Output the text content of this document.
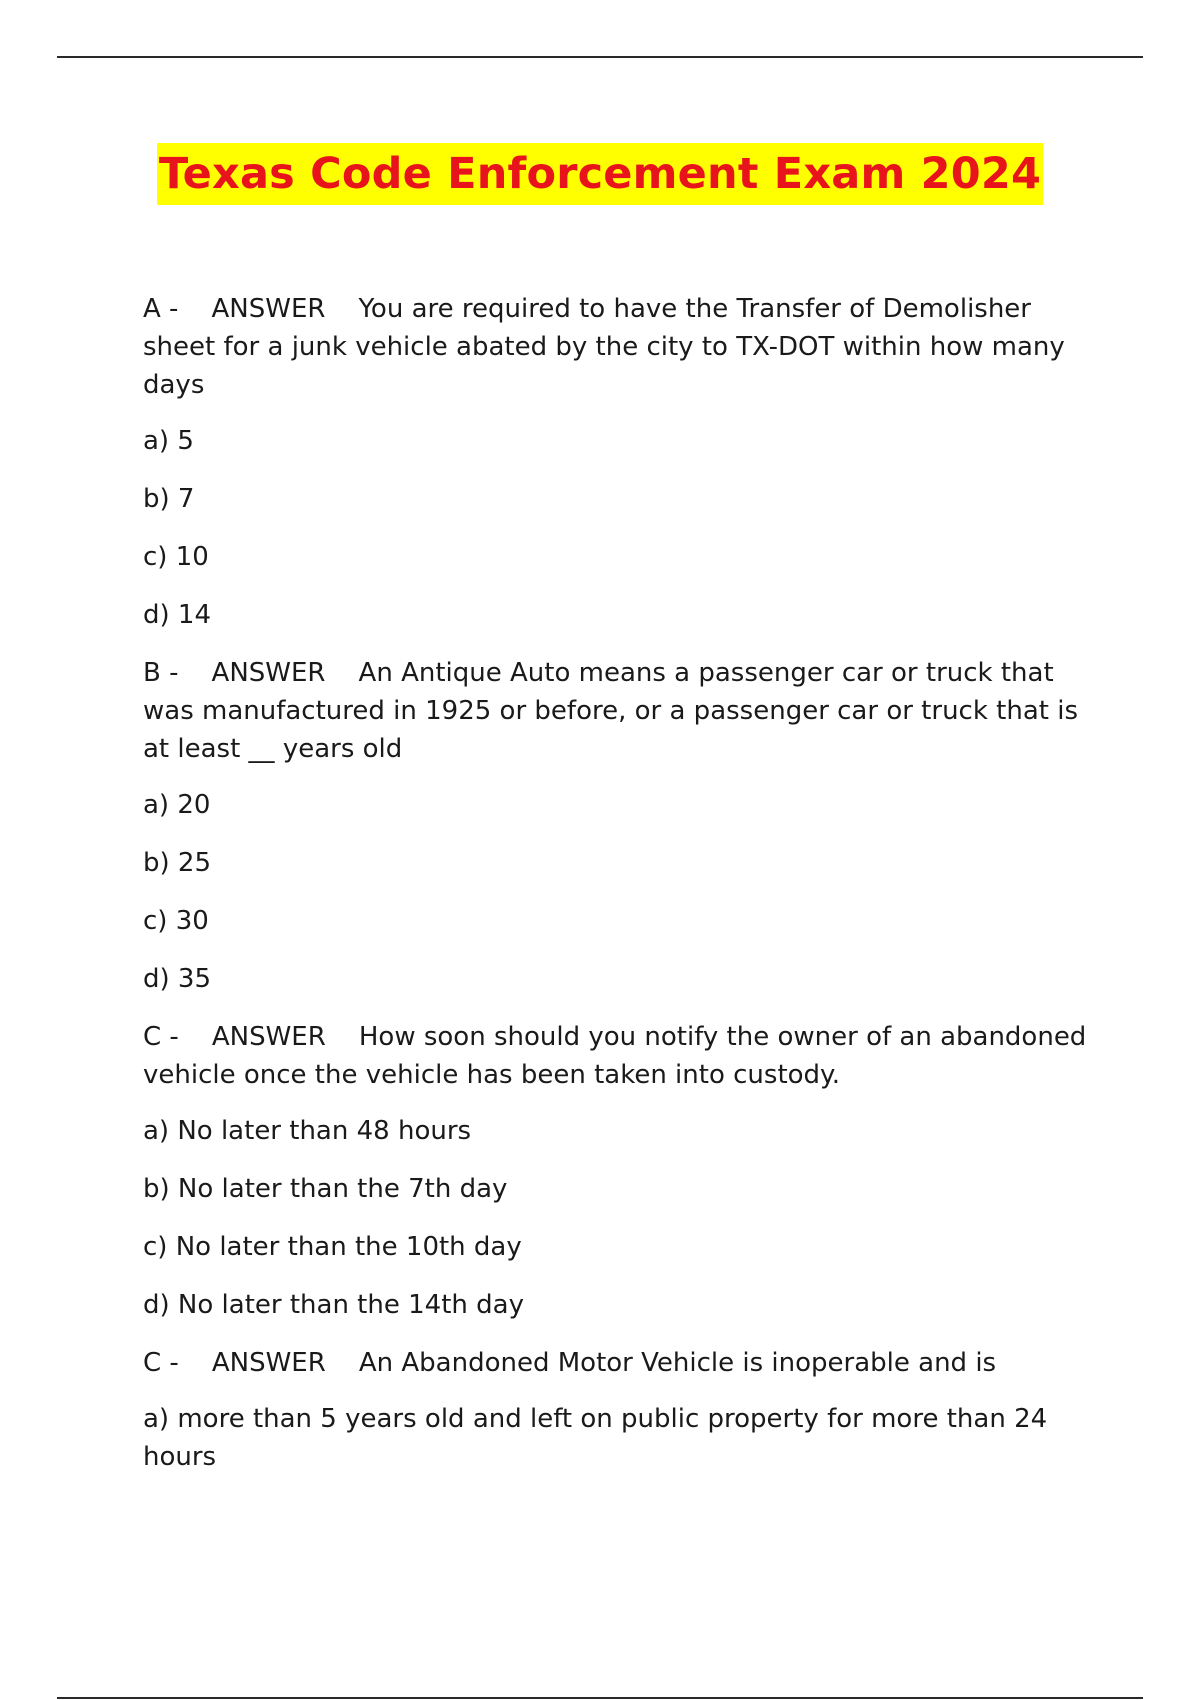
Texas Code Enforcement Exam 2024
A -    ANSWER    You are required to have the Transfer of Demolisher sheet for a junk vehicle abated by the city to TX-DOT within how many days
a) 5
b) 7
c) 10
d) 14
B -    ANSWER    An Antique Auto means a passenger car or truck that was manufactured in 1925 or before, or a passenger car or truck that is at least __ years old
a) 20
b) 25
c) 30
d) 35
C -    ANSWER    How soon should you notify the owner of an abandoned vehicle once the vehicle has been taken into custody.
a) No later than 48 hours
b) No later than the 7th day
c) No later than the 10th day
d) No later than the 14th day
C -    ANSWER    An Abandoned Motor Vehicle is inoperable and is
a) more than 5 years old and left on public property for more than 24 hours
